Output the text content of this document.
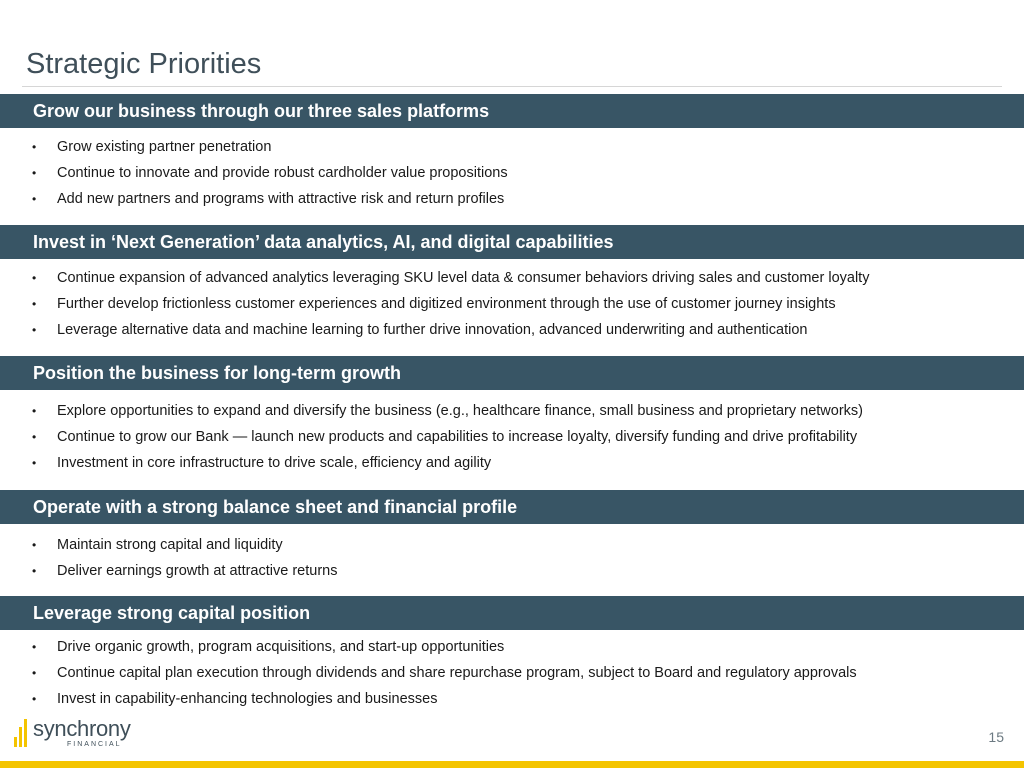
Strategic Priorities
Grow our business through our three sales platforms
•	Grow existing partner penetration
•	Continue to innovate and provide robust cardholder value propositions
•	Add new partners and programs with attractive risk and return profiles
Invest in ‘Next Generation’ data analytics, AI, and digital capabilities
•	Continue expansion of advanced analytics leveraging SKU level data & consumer behaviors driving sales and customer loyalty
•	Further develop frictionless customer experiences and digitized environment through the use of customer journey insights
•	Leverage alternative data and machine learning to further drive innovation, advanced underwriting and authentication
Position the business for long-term growth
•	Explore opportunities to expand and diversify the business (e.g., healthcare finance, small business and proprietary networks)
•	Continue to grow our Bank — launch new products and capabilities to increase loyalty, diversify funding and drive profitability
•	Investment in core infrastructure to drive scale, efficiency and agility
Operate with a strong balance sheet and financial profile
•	Maintain strong capital and liquidity
•	Deliver earnings growth at attractive returns
Leverage strong capital position
•	Drive organic growth, program acquisitions, and start-up opportunities
•	Continue capital plan execution through dividends and share repurchase program, subject to Board and regulatory approvals
•	Invest in capability-enhancing technologies and businesses
synchrony
FINANCIAL	15
